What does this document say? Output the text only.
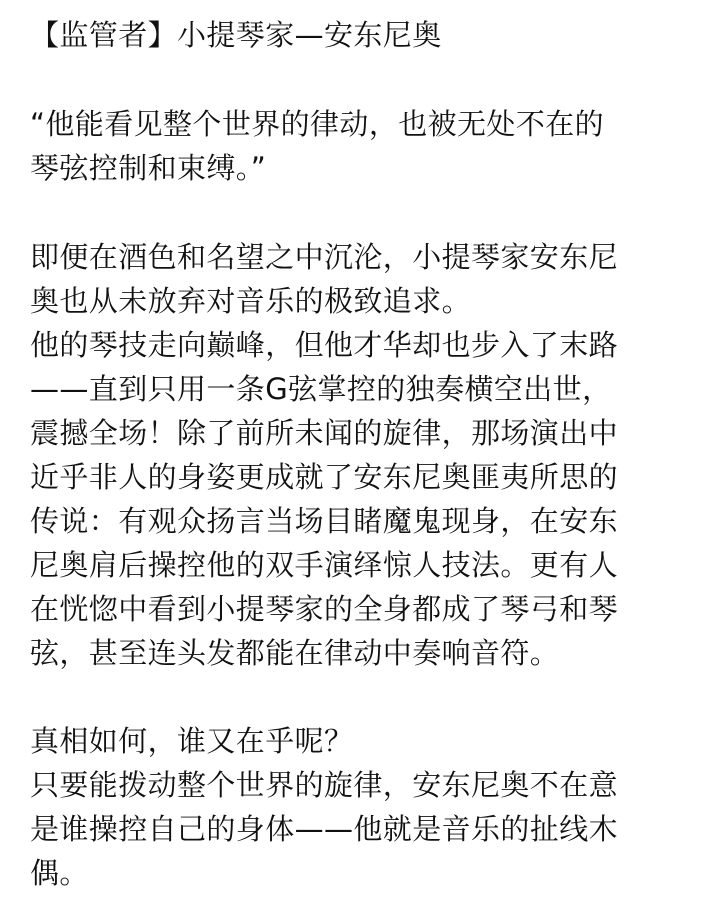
【监管者】小提琴家—安东尼奥
“他能看见整个世界的律动，也被无处不在的
琴弦控制和束缚。”
即便在酒色和名望之中沉沦，小提琴家安东尼
奥也从未放弃对音乐的极致追求。
他的琴技走向巅峰，但他才华却也步入了末路
——直到只用一条G弦掌控的独奏横空出世，
震撼全场！除了前所未闻的旋律，那场演出中
近乎非人的身姿更成就了安东尼奥匪夷所思的
传说：有观众扬言当场目睹魔鬼现身，在安东
尼奥肩后操控他的双手演绎惊人技法。更有人
在恍惚中看到小提琴家的全身都成了琴弓和琴
弦，甚至连头发都能在律动中奏响音符。
真相如何，谁又在乎呢？
只要能拨动整个世界的旋律，安东尼奥不在意
是谁操控自己的身体——他就是音乐的扯线木
偶。
